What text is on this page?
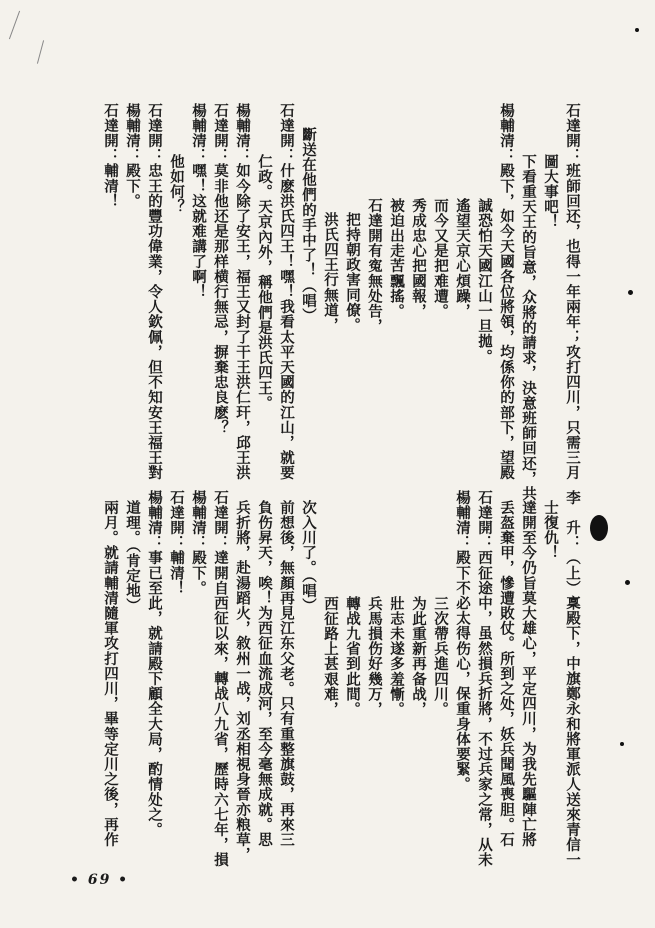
石達開：輔清！ 楊輔清：殿下。 石達開：忠王的豐功偉業，令人欽佩，但不知安王福王對 他如何？ 楊輔清：嘿！这就难講了啊！ 石達開：莫非他还是那样横行無忌，摒棄忠良麽？ 楊輔清：如今除了安王，福王又封了干王洪仁玕，邱王洪 仁政。天京內外，稱他們是洪氏四王。 石達開：什麽洪氏四王！嘿！我看太平天國的江山，就要 斷送在他們的手中了！（唱） 洪氏四王行無道， 把持朝政害同僚。 石達開有寃無处告， 被迫出走苦飄搖。 秀成忠心把國報， 而今又是把难遭。 遙望天京心煩躁， 誠恐怕天國江山一旦拋。 楊輔清：殿下，如今天國各位將領，均係你的部下，望殿 下看重天王的旨意，众將的請求，決意班師回还，共 圖大事吧！ 石達開：班師回还，也得一年兩年；攻打四川，只需三月
兩月。就請輔清隨軍攻打四川，畢等定川之後，再作 道理。（肯定地） 楊輔清：事已至此，就請殿下顧全大局，酌情处之。 石達開：輔清！ 楊輔清：殿下。 石達開：達開自西征以來，轉战八九省，歷時六七年，損 兵折將，赴湯蹈火，敘州一战，刘丞相視身晉亦粮草， 負伤昇天，唉！为西征血流成河，至今毫無成就。思 前想後，無顏再見江东父老。只有重整旗鼓，再來三 次入川了。（唱）
西征路上甚艰难， 轉战九省到此間。 兵馬損伤好幾万， 壯志未遂多羞慚。 为此重新再备战， 三次帶兵進四川。 楊輔清：殿下不必太得伤心，保重身体要緊。 石達開：西征途中，虽然損兵折將，不过兵家之常，从未 丢盔棄甲，慘遭敗仗。所到之处，妖兵聞風喪胆。石 達開至今仍旨莫大雄心，平定四川，为我先驅陣亡將 士復仇！ 李　升：（上）稟殿下，中旗鄭永和將軍派人送來青信一
• 69 •
